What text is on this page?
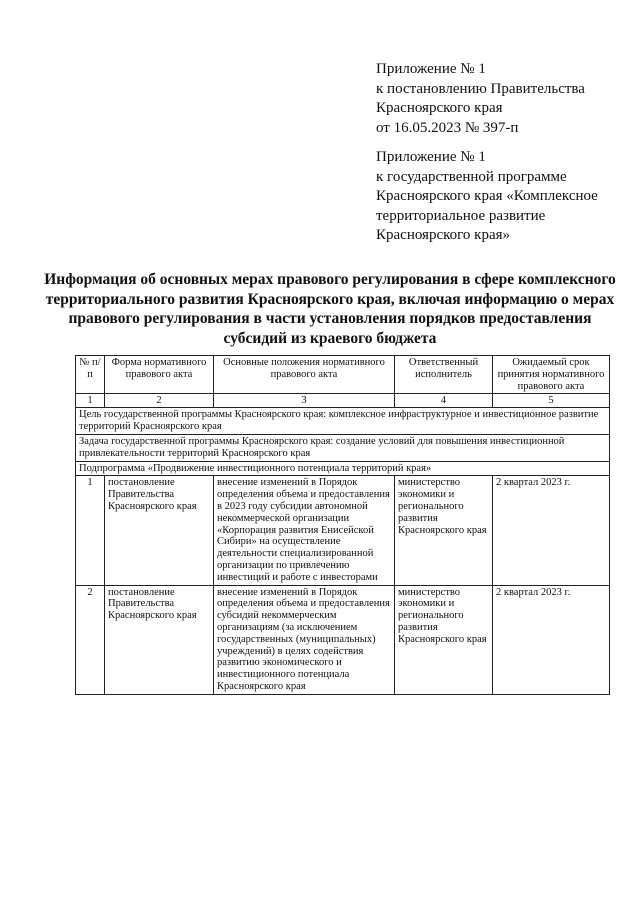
Приложение № 1
к постановлению Правительства
Красноярского края
от 16.05.2023 № 397-п
Приложение № 1
к государственной программе
Красноярского края «Комплексное
территориальное развитие
Красноярского края»
Информация об основных мерах правового регулирования в сфере комплексного территориального развития Красноярского края, включая информацию о мерах правового регулирования в части установления порядков предоставления субсидий из краевого бюджета
№ п/п	Форма нормативного правового акта	Основные положения нормативного правового акта	Ответственный исполнитель	Ожидаемый срок принятия нормативного правового акта
1	2	3	4	5
Цель государственной программы Красноярского края: комплексное инфраструктурное и инвестиционное развитие территорий Красноярского края				
Задача государственной программы Красноярского края: создание условий для повышения инвестиционной привлекательности территорий Красноярского края				
Подпрограмма «Продвижение инвестиционного потенциала территорий края»				
1	постановление Правительства Красноярского края	внесение изменений в Порядок определения объема и предоставления в 2023 году субсидии автономной некоммерческой организации «Корпорация развития Енисейской Сибири» на осуществление деятельности специализированной организации по привлечению инвестиций и работе с инвесторами	министерство экономики и регионального развития Красноярского края	2 квартал 2023 г.
2	постановление Правительства Красноярского края	внесение изменений в Порядок определения объема и предоставления субсидий некоммерческим организациям (за исключением государственных (муниципальных) учреждений) в целях содействия развитию экономического и инвестиционного потенциала Красноярского края	министерство экономики и регионального развития Красноярского края	2 квартал 2023 г.
